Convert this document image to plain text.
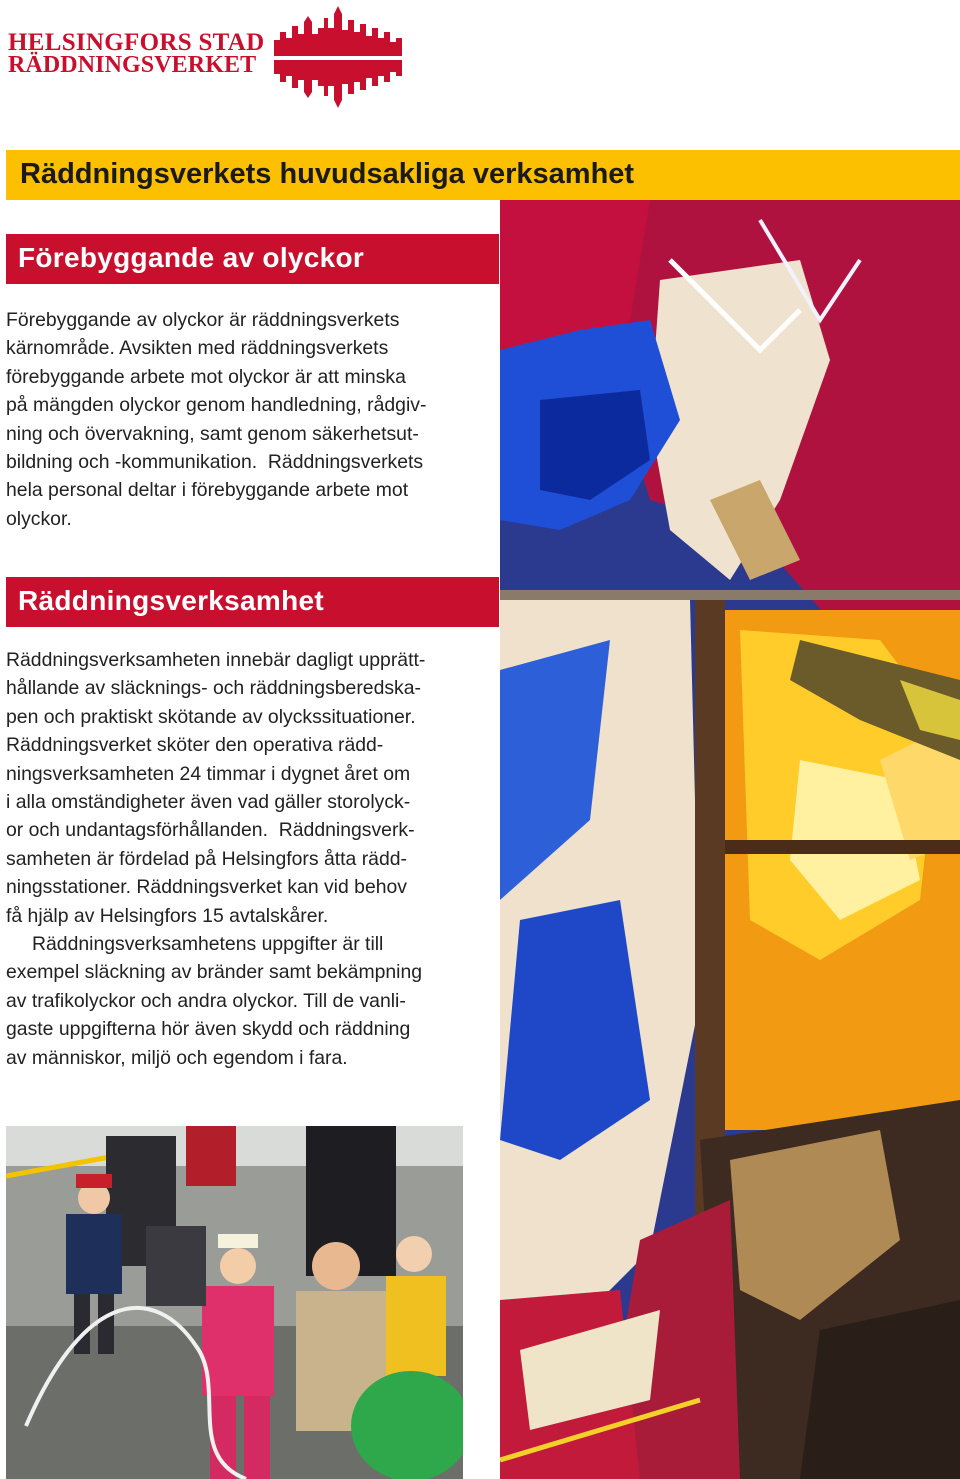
HELSINGFORS STAD
RÄDDNINGSVERKET
Räddningsverkets huvudsakliga verksamhet
Förebyggande av olyckor
Förebyggande av olyckor är räddningsverkets
kärnområde. Avsikten med räddningsverkets
förebyggande arbete mot olyckor är att minska
på mängden olyckor genom handledning, rådgiv-
ning och övervakning, samt genom säkerhetsut-
bildning och -kommunikation.  Räddningsverkets
hela personal deltar i förebyggande arbete mot
olyckor.
Räddningsverksamhet
Räddningsverksamheten innebär dagligt upprätt-
hållande av släcknings- och räddningsberedska-
pen och praktiskt skötande av olyckssituationer.
Räddningsverket sköter den operativa rädd-
ningsverksamheten 24 timmar i dygnet året om
i alla omständigheter även vad gäller storolyck-
or och undantagsförhållanden.  Räddningsverk-
samheten är fördelad på Helsingfors åtta rädd-
ningsstationer. Räddningsverket kan vid behov
få hjälp av Helsingfors 15 avtalskårer.
Räddningsverksamhetens uppgifter är till
exempel släckning av bränder samt bekämpning
av trafikolyckor och andra olyckor. Till de vanli-
gaste uppgifterna hör även skydd och räddning
av människor, miljö och egendom i fara.
